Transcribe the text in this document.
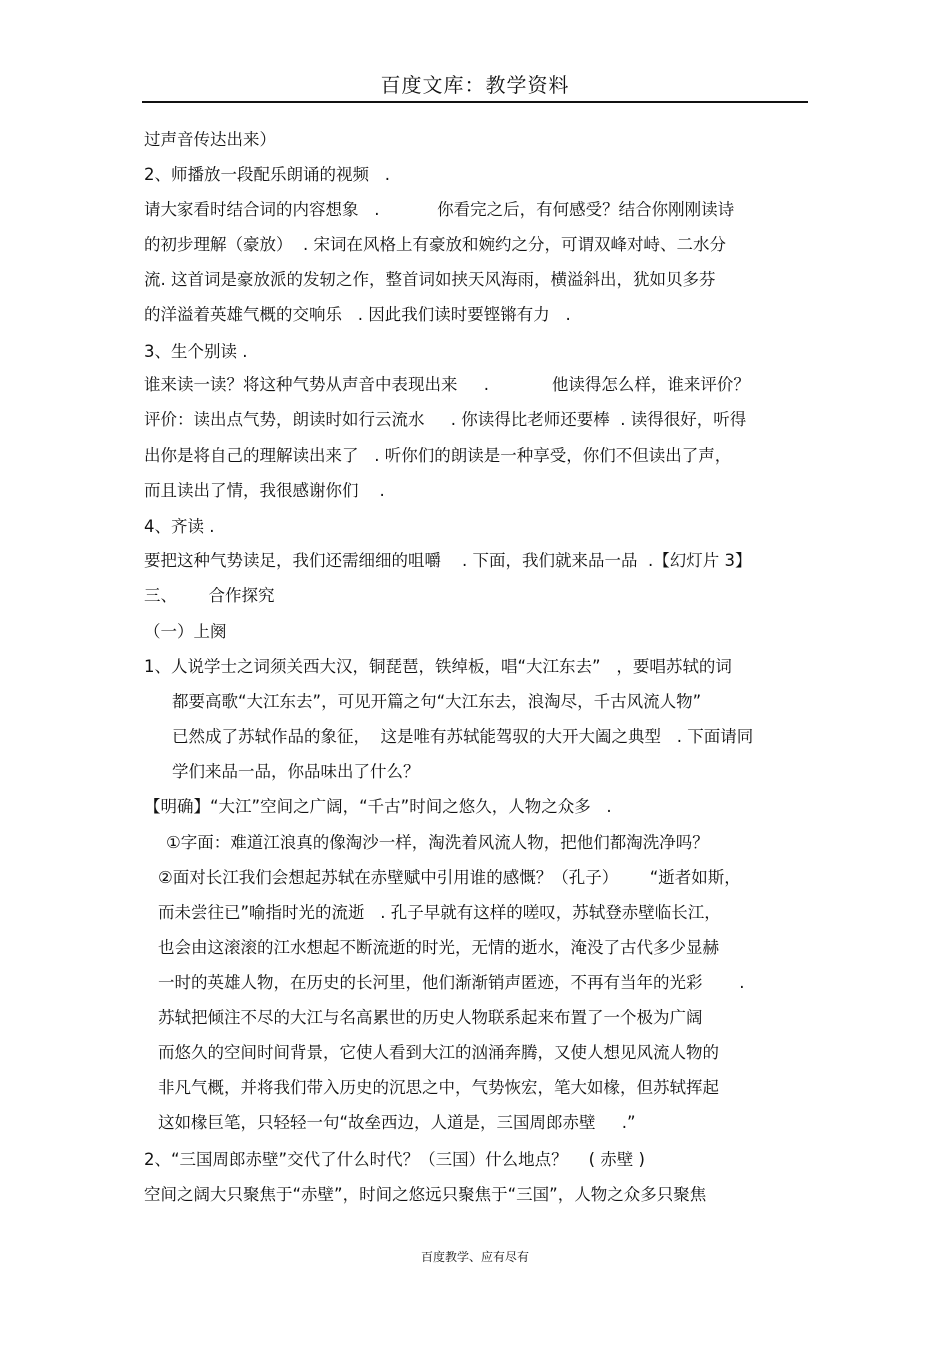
百度文库：教学资料
过声音传达出来）
2、师播放一段配乐朗诵的视频   .
请大家看时结合词的内容想象   .           你看完之后，有何感受？结合你刚刚读诗
的初步理解（豪放）  . 宋词在风格上有豪放和婉约之分，可谓双峰对峙、二水分
流. 这首词是豪放派的发轫之作，整首词如挟天风海雨，横溢斜出，犹如贝多芬
的洋溢着英雄气概的交响乐   . 因此我们读时要铿锵有力   .
3、生个别读 .
谁来读一读？将这种气势从声音中表现出来     .            他读得怎么样，谁来评价？
评价：读出点气势，朗读时如行云流水     . 你读得比老师还要棒  . 读得很好，听得
出你是将自己的理解读出来了   . 听你们的朗读是一种享受，你们不但读出了声，
而且读出了情，我很感谢你们    .
4、齐读 .
要把这种气势读足，我们还需细细的咀嚼    . 下面，我们就来品一品  .【幻灯片 3】
三、      合作探究
（一）上阕
1、人说学士之词须关西大汉，铜琵琶，铁绰板，唱“大江东去”   ，要唱苏轼的词
都要高歌“大江东去”，可见开篇之句“大江东去，浪淘尽，千古风流人物”
已然成了苏轼作品的象征，  这是唯有苏轼能驾驭的大开大阖之典型   . 下面请同
学们来品一品，你品味出了什么？
【明确】“大江”空间之广阔，“千古”时间之悠久，人物之众多   .
①字面：难道江浪真的像淘沙一样，淘洗着风流人物，把他们都淘洗净吗？
②面对长江我们会想起苏轼在赤壁赋中引用谁的感慨？（孔子）      “逝者如斯，
而未尝往已”喻指时光的流逝   . 孔子早就有这样的嗟叹，苏轼登赤壁临长江，
也会由这滚滚的江水想起不断流逝的时光，无情的逝水，淹没了古代多少显赫
一时的英雄人物，在历史的长河里，他们渐渐销声匿迹，不再有当年的光彩       .
苏轼把倾注不尽的大江与名高累世的历史人物联系起来布置了一个极为广阔
而悠久的空间时间背景，它使人看到大江的汹涌奔腾，又使人想见风流人物的
非凡气概，并将我们带入历史的沉思之中，气势恢宏，笔大如椽，但苏轼挥起
这如椽巨笔，只轻轻一句“故垒西边，人道是，三国周郎赤壁     .”
2、“三国周郎赤壁”交代了什么时代？（三国）什么地点？    ( 赤壁 )
空间之阔大只聚焦于“赤壁”，时间之悠远只聚焦于“三国”，人物之众多只聚焦
百度教学、应有尽有
